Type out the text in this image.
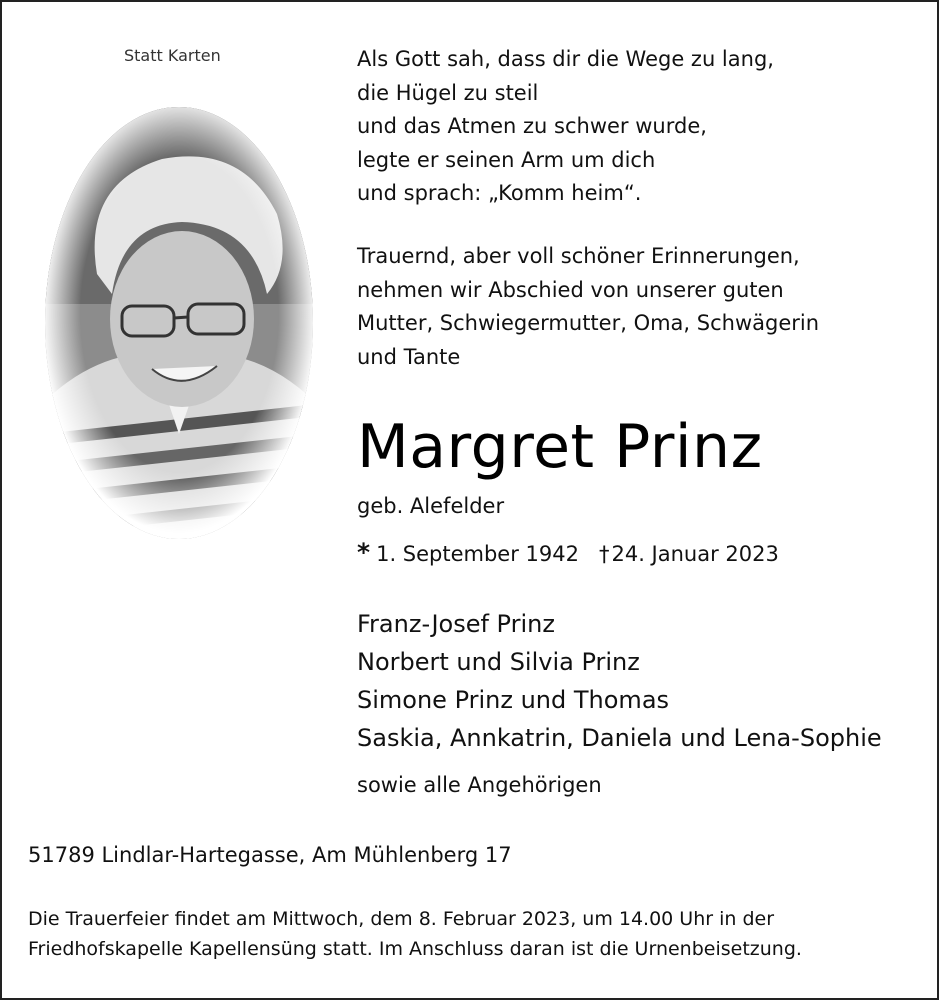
Statt Karten	Als Gott sah, dass dir die Wege zu lang,
die Hügel zu steil
und das Atmen zu schwer wurde,
legte er seinen Arm um dich
und sprach: „Komm heim“.
Trauernd, aber voll schöner Erinnerungen,
nehmen wir Abschied von unserer guten
Mutter, Schwiegermutter, Oma, Schwägerin
und Tante
Margret Prinz
geb. Alefelder
* 1. September 1942 †24. Januar 2023
Franz-Josef Prinz
Norbert und Silvia Prinz
Simone Prinz und Thomas
Saskia, Annkatrin, Daniela und Lena-Sophie
sowie alle Angehörigen
51789 Lindlar-Hartegasse, Am Mühlenberg 17
Die Trauerfeier findet am Mittwoch, dem 8. Februar 2023, um 14.00 Uhr in der
Friedhofskapelle Kapellensüng statt. Im Anschluss daran ist die Urnenbeisetzung.
